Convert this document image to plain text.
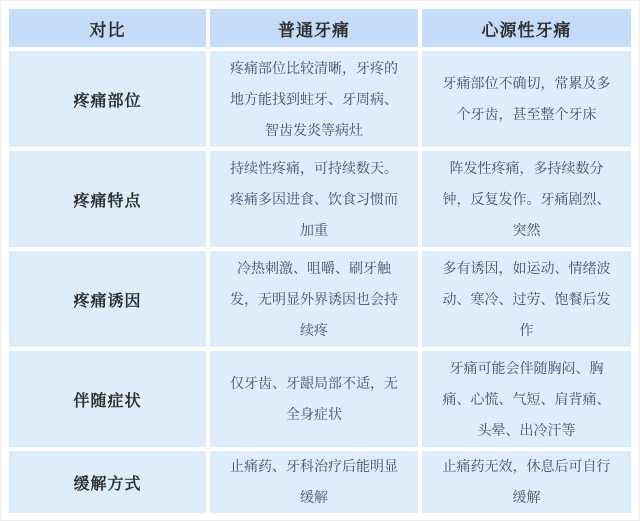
对比	普通牙痛	心源性牙痛
疼痛部位
疼痛部位比较清晰，牙疼的
地方能找到蛀牙、牙周病、
智齿发炎等病灶
牙痛部位不确切，常累及多
个牙齿，甚至整个牙床
疼痛特点
持续性疼痛，可持续数天。
疼痛多因进食、饮食习惯而
加重
阵发性疼痛，多持续数分
钟，反复发作。牙痛剧烈、
突然
疼痛诱因
冷热刺激、咀嚼、刷牙触
发，无明显外界诱因也会持
续疼
多有诱因，如运动、情绪波
动、寒冷、过劳、饱餐后发
作
伴随症状
仅牙齿、牙龈局部不适，无
全身症状
牙痛可能会伴随胸闷、胸
痛、心慌、气短、肩背痛、
头晕、出冷汗等
缓解方式
止痛药、牙科治疗后能明显
缓解
止痛药无效，休息后可自行
缓解
